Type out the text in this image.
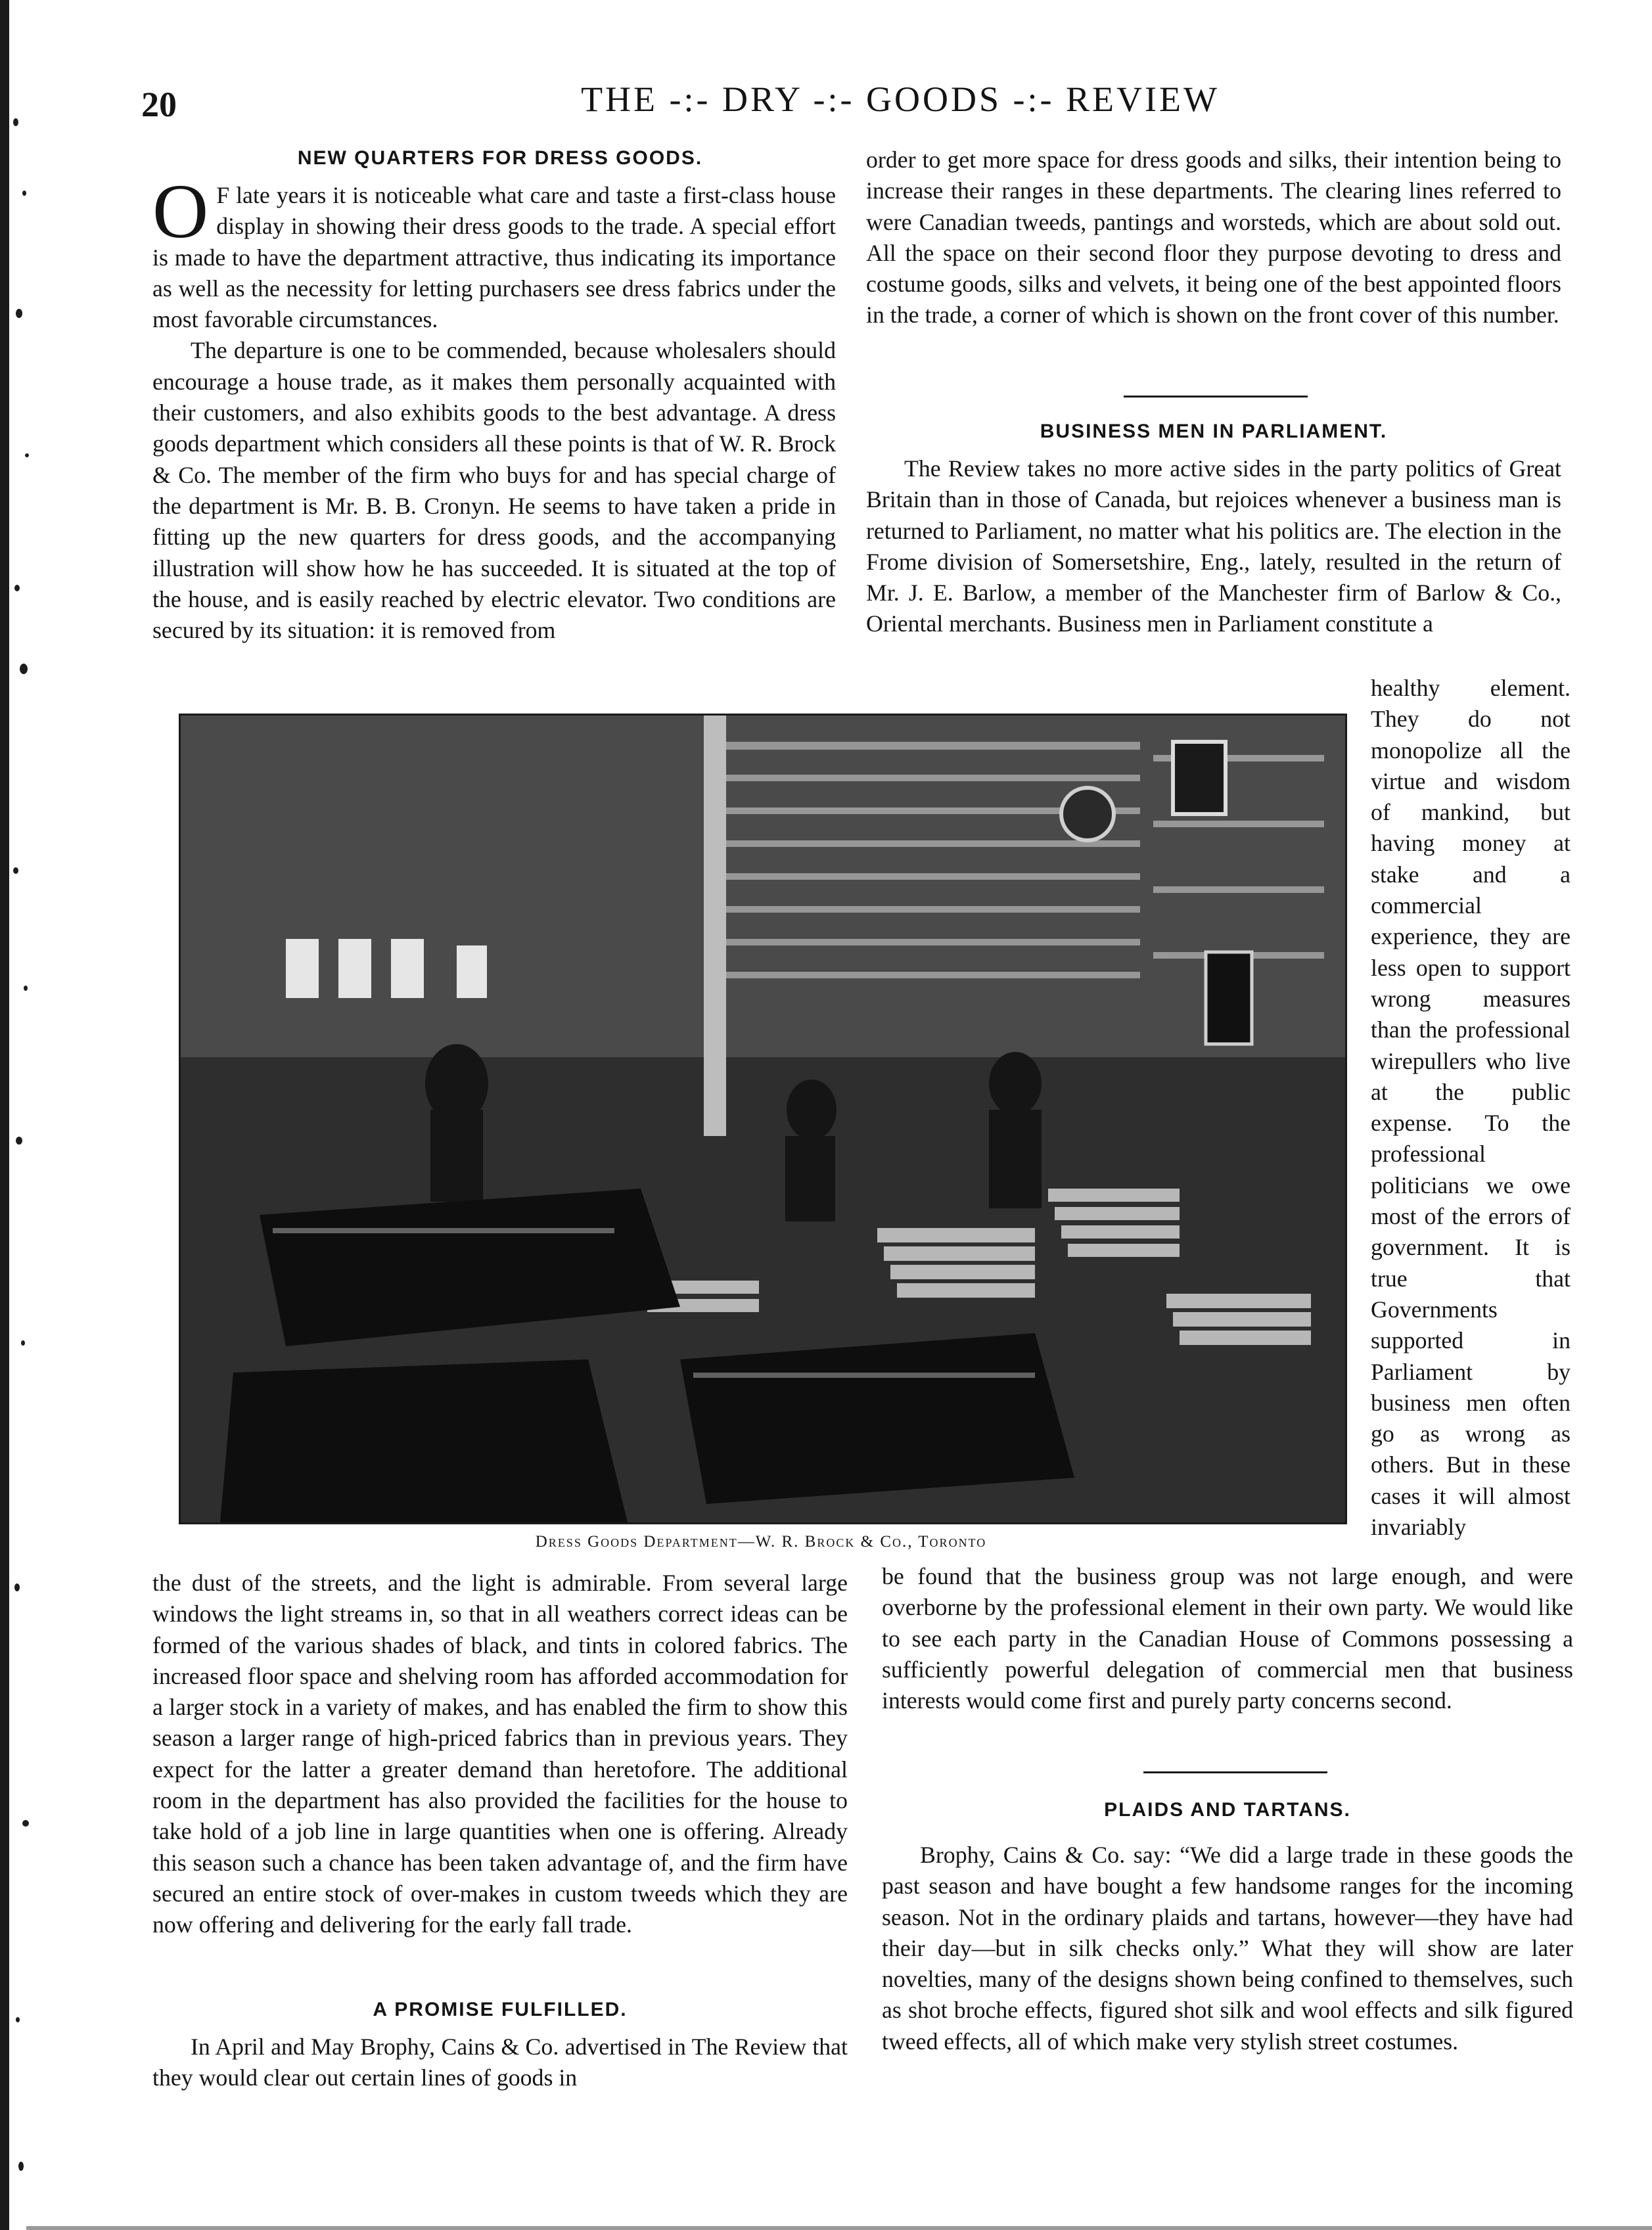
20	THE -:- DRY -:- GOODS -:- REVIEW
NEW QUARTERS FOR DRESS GOODS.

O F late years it is noticeable what care and taste a first-class house display in showing their dress goods to the trade. A special effort is made to have the department attractive, thus indicating its importance as well as the necessity for letting purchasers see dress fabrics under the most favorable circumstances.

The departure is one to be commended, because wholesalers should encourage a house trade, as it makes them personally acquainted with their customers, and also exhibits goods to the best advantage. A dress goods department which considers all these points is that of W. R. Brock & Co. The member of the firm who buys for and has special charge of the department is Mr. B. B. Cronyn. He seems to have taken a pride in fitting up the new quarters for dress goods, and the accompanying illustration will show how he has succeeded. It is situated at the top of the house, and is easily reached by electric elevator. Two conditions are secured by its situation: it is removed from

order to get more space for dress goods and silks, their intention being to increase their ranges in these departments. The clearing lines referred to were Canadian tweeds, pantings and worsteds, which are about sold out. All the space on their second floor they purpose devoting to dress and costume goods, silks and velvets, it being one of the best appointed floors in the trade, a corner of which is shown on the front cover of this number.

BUSINESS MEN IN PARLIAMENT.

The Review takes no more active sides in the party politics of Great Britain than in those of Canada, but rejoices whenever a business man is returned to Parliament, no matter what his politics are. The election in the Frome division of Somersetshire, Eng., lately, resulted in the return of Mr. J. E. Barlow, a member of the Manchester firm of Barlow & Co., Oriental merchants. Business men in Parliament constitute a

Dress Goods Department—W. R. Brock & Co., Toronto

healthy element. They do not monopolize all the virtue and wisdom of mankind, but having money at stake and a commercial experience, they are less open to support wrong measures than the professional wirepullers who live at the public expense. To the professional politicians we owe most of the errors of government. It is true that Governments supported in Parliament by business men often go as wrong as others. But in these cases it will almost invariably

the dust of the streets, and the light is admirable. From several large windows the light streams in, so that in all weathers correct ideas can be formed of the various shades of black, and tints in colored fabrics. The increased floor space and shelving room has afforded accommodation for a larger stock in a variety of makes, and has enabled the firm to show this season a larger range of high-priced fabrics than in previous years. They expect for the latter a greater demand than heretofore. The additional room in the department has also provided the facilities for the house to take hold of a job line in large quantities when one is offering. Already this season such a chance has been taken advantage of, and the firm have secured an entire stock of over-makes in custom tweeds which they are now offering and delivering for the early fall trade.

A PROMISE FULFILLED.

In April and May Brophy, Cains & Co. advertised in The Review that they would clear out certain lines of goods in

be found that the business group was not large enough, and were overborne by the professional element in their own party. We would like to see each party in the Canadian House of Commons possessing a sufficiently powerful delegation of commercial men that business interests would come first and purely party concerns second.

PLAIDS AND TARTANS.

Brophy, Cains & Co. say: “We did a large trade in these goods the past season and have bought a few handsome ranges for the incoming season. Not in the ordinary plaids and tartans, however—they have had their day—but in silk checks only.” What they will show are later novelties, many of the designs shown being confined to themselves, such as shot broche effects, figured shot silk and wool effects and silk figured tweed effects, all of which make very stylish street costumes.
